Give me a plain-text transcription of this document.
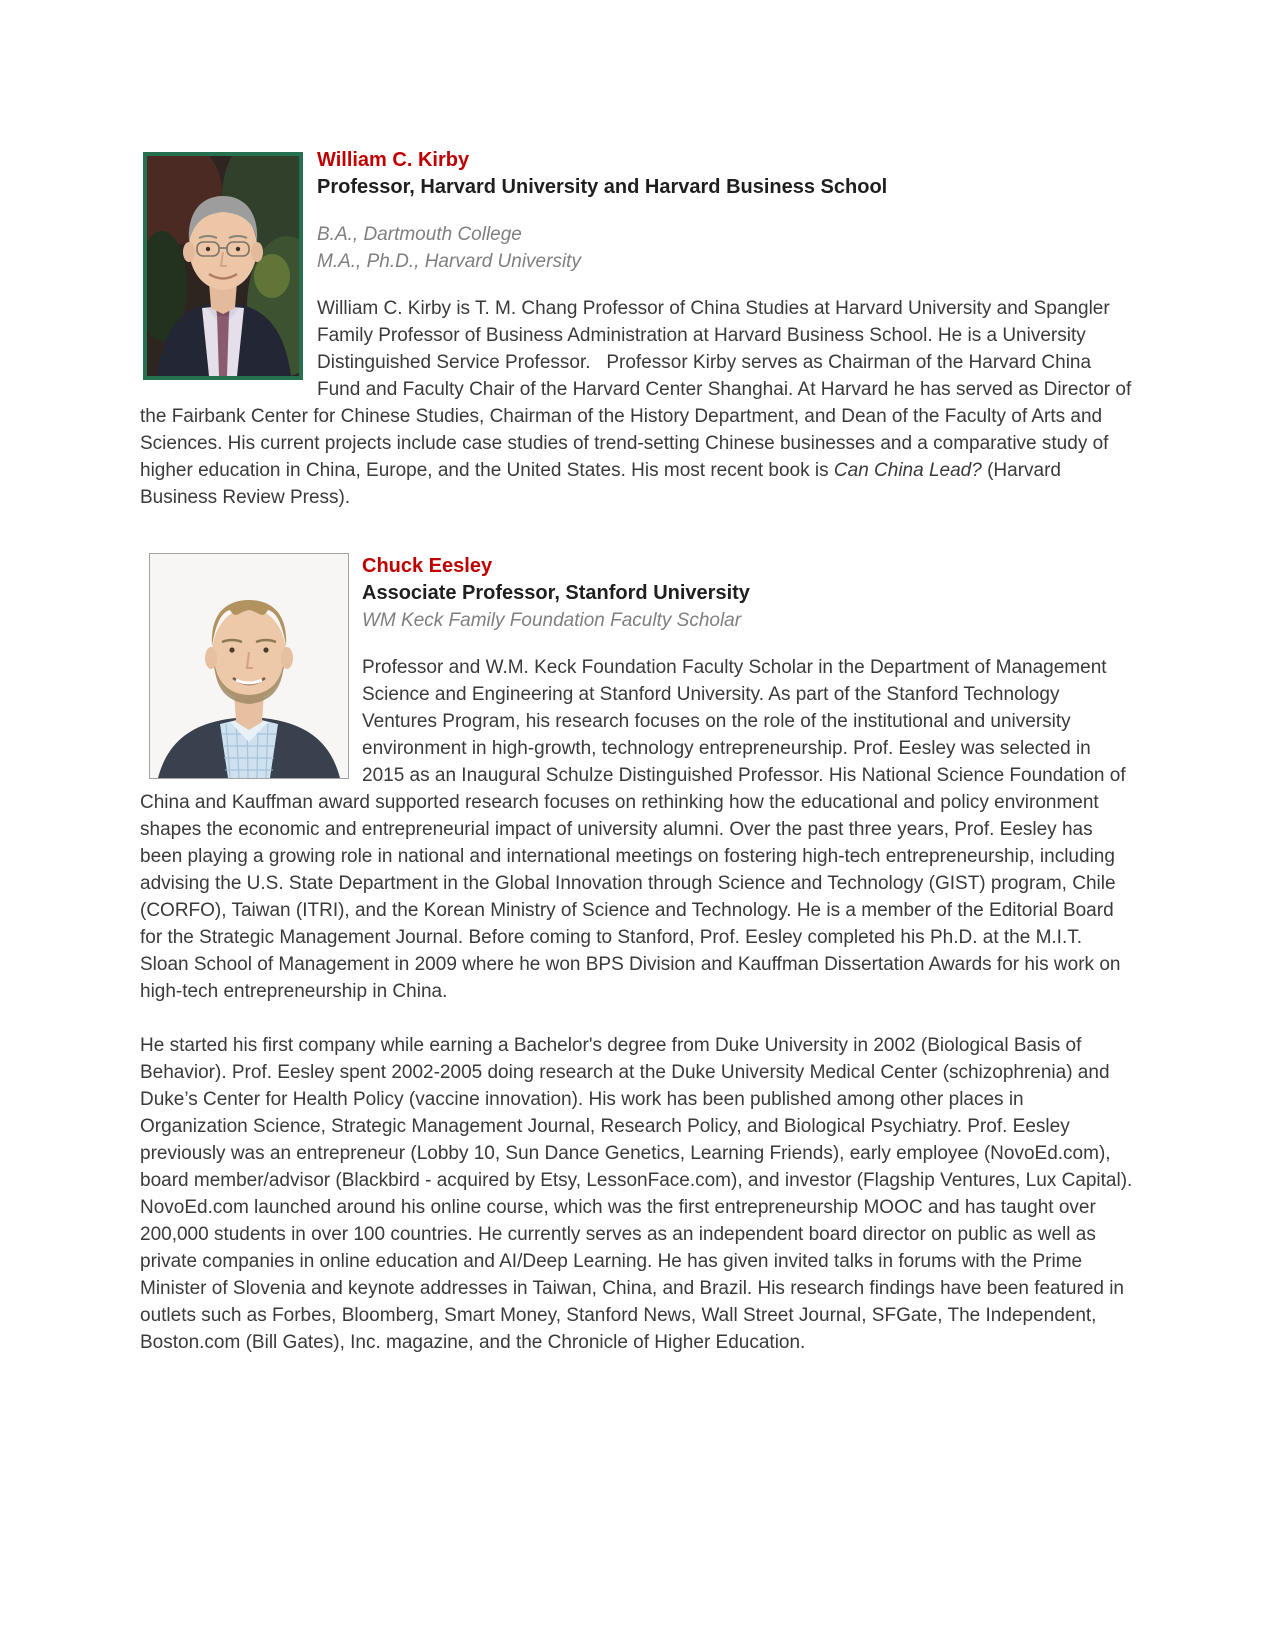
William C. Kirby
Professor, Harvard University and Harvard Business School

B.A., Dartmouth College
M.A., Ph.D., Harvard University

William C. Kirby is T. M. Chang Professor of China Studies at Harvard University and Spangler Family Professor of Business Administration at Harvard Business School. He is a University Distinguished Service Professor.   Professor Kirby serves as Chairman of the Harvard China Fund and Faculty Chair of the Harvard Center Shanghai. At Harvard he has served as Director of the Fairbank Center for Chinese Studies, Chairman of the History Department, and Dean of the Faculty of Arts and Sciences. His current projects include case studies of trend-setting Chinese businesses and a comparative study of higher education in China, Europe, and the United States. His most recent book is Can China Lead? (Harvard Business Review Press).

Chuck Eesley
Associate Professor, Stanford University

WM Keck Family Foundation Faculty Scholar

Professor and W.M. Keck Foundation Faculty Scholar in the Department of Management Science and Engineering at Stanford University. As part of the Stanford Technology Ventures Program, his research focuses on the role of the institutional and university environment in high-growth, technology entrepreneurship. Prof. Eesley was selected in 2015 as an Inaugural Schulze Distinguished Professor. His National Science Foundation of China and Kauffman award supported research focuses on rethinking how the educational and policy environment shapes the economic and entrepreneurial impact of university alumni. Over the past three years, Prof. Eesley has been playing a growing role in national and international meetings on fostering high-tech entrepreneurship, including advising the U.S. State Department in the Global Innovation through Science and Technology (GIST) program, Chile (CORFO), Taiwan (ITRI), and the Korean Ministry of Science and Technology. He is a member of the Editorial Board for the Strategic Management Journal. Before coming to Stanford, Prof. Eesley completed his Ph.D. at the M.I.T. Sloan School of Management in 2009 where he won BPS Division and Kauffman Dissertation Awards for his work on high-tech entrepreneurship in China.

He started his first company while earning a Bachelor's degree from Duke University in 2002 (Biological Basis of Behavior). Prof. Eesley spent 2002-2005 doing research at the Duke University Medical Center (schizophrenia) and Duke’s Center for Health Policy (vaccine innovation). His work has been published among other places in Organization Science, Strategic Management Journal, Research Policy, and Biological Psychiatry. Prof. Eesley previously was an entrepreneur (Lobby 10, Sun Dance Genetics, Learning Friends), early employee (NovoEd.com), board member/advisor (Blackbird - acquired by Etsy, LessonFace.com), and investor (Flagship Ventures, Lux Capital). NovoEd.com launched around his online course, which was the first entrepreneurship MOOC and has taught over 200,000 students in over 100 countries. He currently serves as an independent board director on public as well as private companies in online education and AI/Deep Learning. He has given invited talks in forums with the Prime Minister of Slovenia and keynote addresses in Taiwan, China, and Brazil. His research findings have been featured in outlets such as Forbes, Bloomberg, Smart Money, Stanford News, Wall Street Journal, SFGate, The Independent, Boston.com (Bill Gates), Inc. magazine, and the Chronicle of Higher Education.
